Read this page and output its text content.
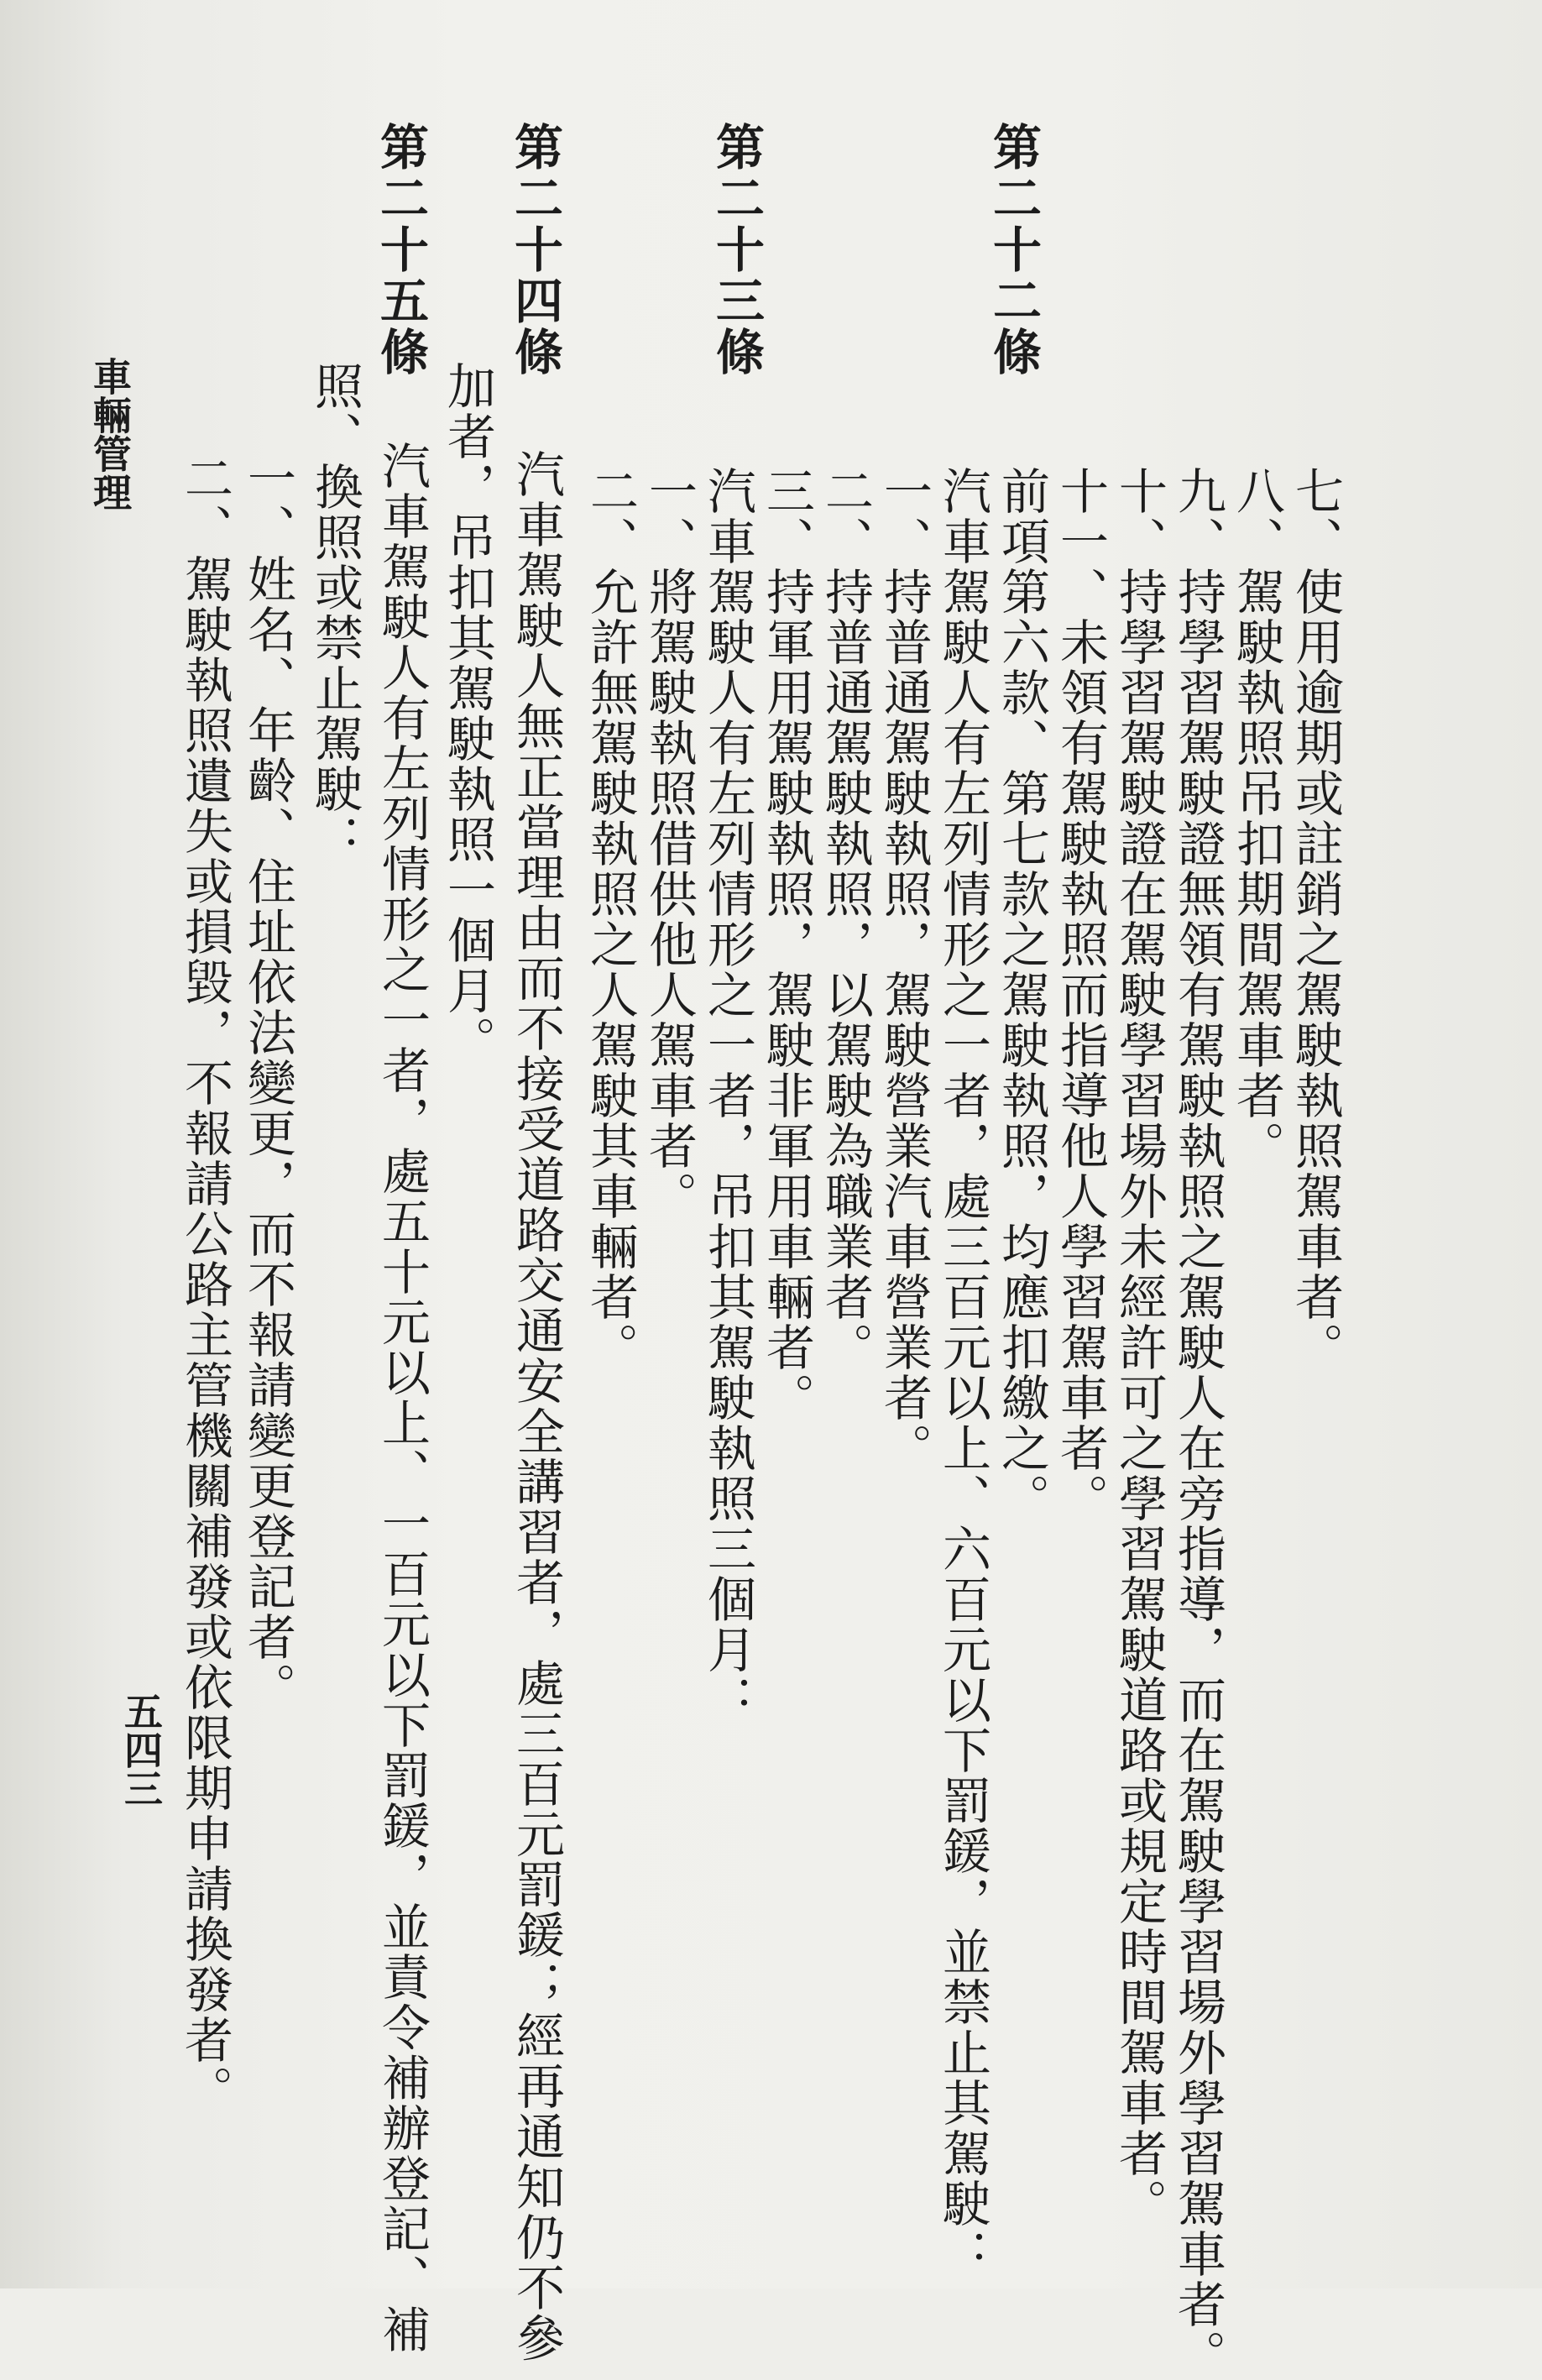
七、使用逾期或註銷之駕駛執照駕車者。
八、駕駛執照吊扣期間駕車者。
九、持學習駕駛證無領有駕駛執照之駕駛人在旁指導，而在駕駛學習場外學習駕車者。
十、持學習駕駛證在駕駛學習場外未經許可之學習駕駛道路或規定時間駕車者。
十一、未領有駕駛執照而指導他人學習駕車者。
前項第六款、第七款之駕駛執照，均應扣繳之。
第二十二條
汽車駕駛人有左列情形之一者，處三百元以上、六百元以下罰鍰，並禁止其駕駛：
一、持普通駕駛執照，駕駛營業汽車營業者。
二、持普通駕駛執照，以駕駛為職業者。
三、持軍用駕駛執照，駕駛非軍用車輛者。
第二十三條
汽車駕駛人有左列情形之一者，吊扣其駕駛執照三個月：
一、將駕駛執照借供他人駕車者。
二、允許無駕駛執照之人駕駛其車輛者。
第二十四條
汽車駕駛人無正當理由而不接受道路交通安全講習者，處三百元罰鍰；經再通知仍不參
加者，吊扣其駕駛執照一個月。
第二十五條
汽車駕駛人有左列情形之一者，處五十元以上、一百元以下罰鍰，並責令補辦登記、補
照、換照或禁止駕駛：
一、姓名、年齡、住址依法變更，而不報請變更登記者。
二、駕駛執照遺失或損毀，不報請公路主管機關補發或依限期申請換發者。
車輛管理
五四三
